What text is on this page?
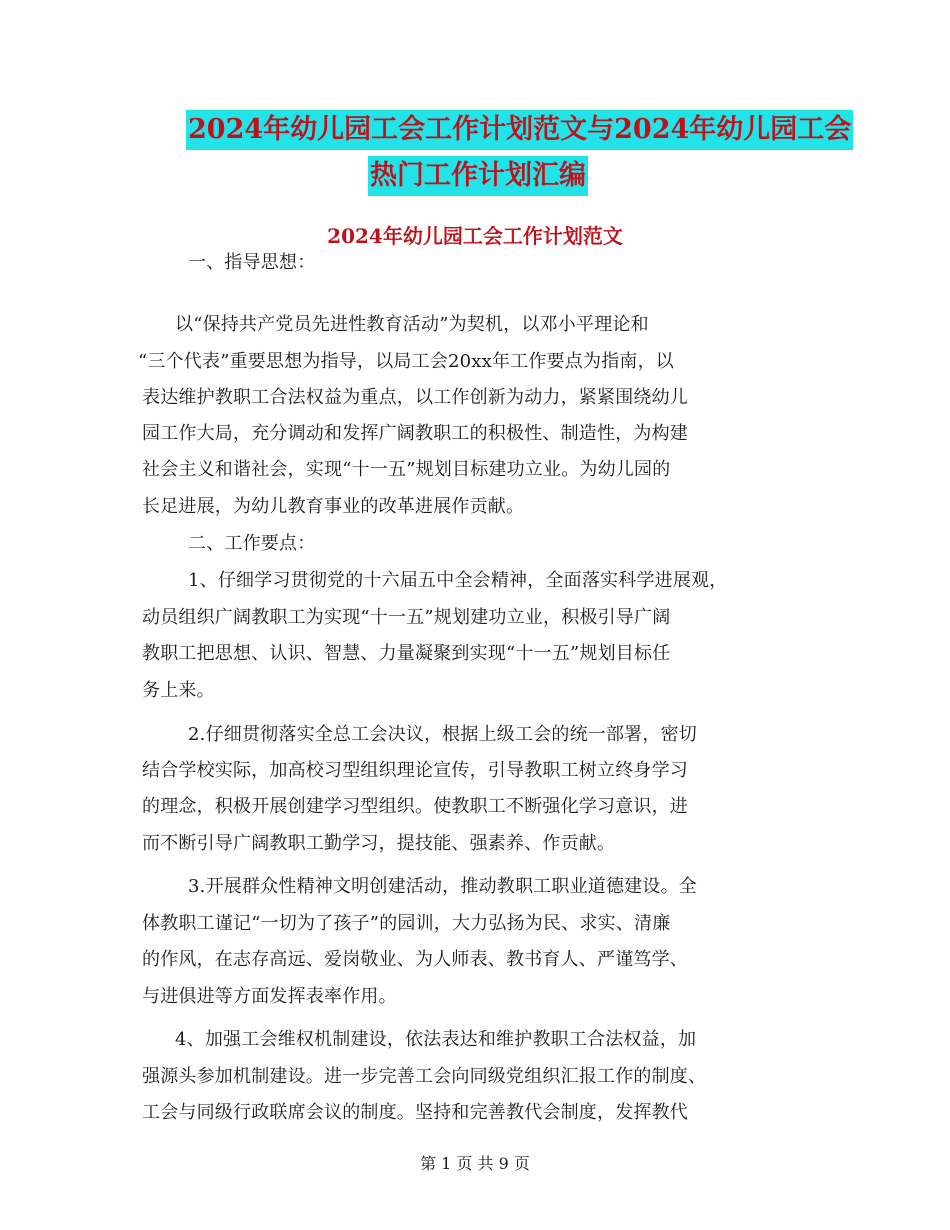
2024年幼儿园工会工作计划范文与2024年幼儿园工会
热门工作计划汇编
2024年幼儿园工会工作计划范文
一、指导思想：
以“保持共产党员先进性教育活动”为契机，以邓小平理论和
“三个代表”重要思想为指导，以局工会20xx年工作要点为指南，以
表达维护教职工合法权益为重点，以工作创新为动力，紧紧围绕幼儿
园工作大局，充分调动和发挥广阔教职工的积极性、制造性，为构建
社会主义和谐社会，实现“十一五”规划目标建功立业。为幼儿园的
长足进展，为幼儿教育事业的改革进展作贡献。
二、工作要点：
1、仔细学习贯彻党的十六届五中全会精神，全面落实科学进展观，
动员组织广阔教职工为实现“十一五”规划建功立业，积极引导广阔
教职工把思想、认识、智慧、力量凝聚到实现“十一五”规划目标任
务上来。
2.仔细贯彻落实全总工会决议，根据上级工会的统一部署，密切
结合学校实际，加高校习型组织理论宣传，引导教职工树立终身学习
的理念，积极开展创建学习型组织。使教职工不断强化学习意识，进
而不断引导广阔教职工勤学习，提技能、强素养、作贡献。
3.开展群众性精神文明创建活动，推动教职工职业道德建设。全
体教职工谨记“一切为了孩子”的园训，大力弘扬为民、求实、清廉
的作风，在志存高远、爱岗敬业、为人师表、教书育人、严谨笃学、
与进俱进等方面发挥表率作用。
4、加强工会维权机制建设，依法表达和维护教职工合法权益，加
强源头参加机制建设。进一步完善工会向同级党组织汇报工作的制度、
工会与同级行政联席会议的制度。坚持和完善教代会制度，发挥教代
第 1 页 共 9 页
